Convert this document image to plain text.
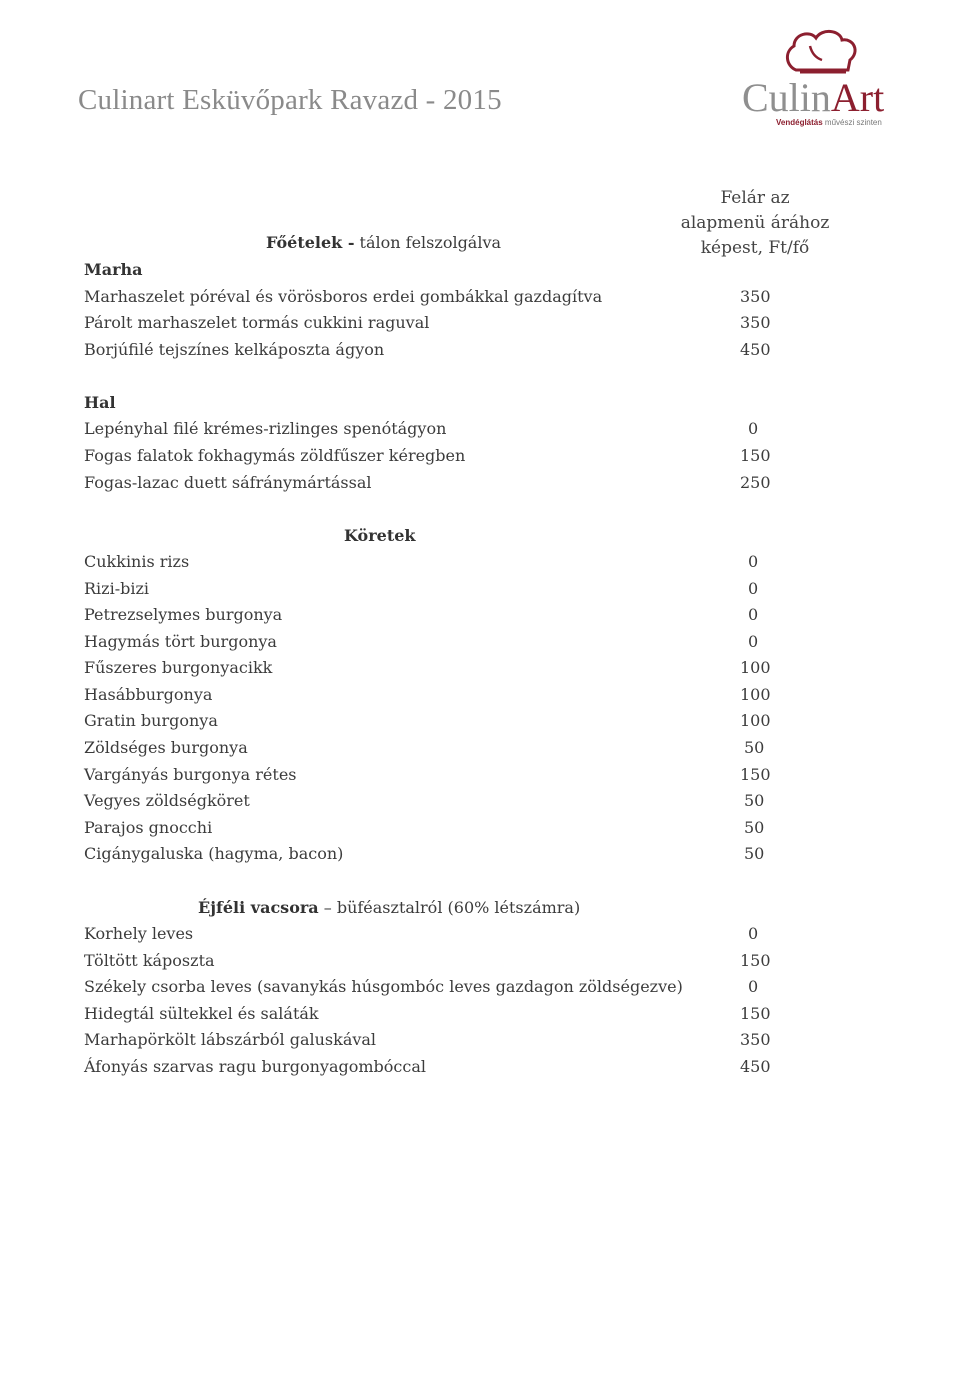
Culinart Esküvőpark Ravazd - 2015	CulinArt
Vendéglátás művészi szinten
Felár az
alapmenü árához
képest, Ft/fő
Főételek - tálon felszolgálva
Marha
Marhaszelet póréval és vörösboros erdei gombákkal gazdagítva	350
Párolt marhaszelet tormás cukkini raguval	350
Borjúfilé tejszínes kelkáposzta ágyon	450
Hal
Lepényhal filé krémes-rizlinges spenótágyon	0
Fogas falatok fokhagymás zöldfűszer kéregben	150
Fogas-lazac duett sáfránymártással	250
Köretek
Cukkinis rizs	0
Rizi-bizi	0
Petrezselymes burgonya	0
Hagymás tört burgonya	0
Fűszeres burgonyacikk	100
Hasábburgonya	100
Gratin burgonya	100
Zöldséges burgonya	50
Vargányás burgonya rétes	150
Vegyes zöldségköret	50
Parajos gnocchi	50
Cigánygaluska (hagyma, bacon)	50
Éjféli vacsora – büféasztalról (60% létszámra)
Korhely leves	0
Töltött káposzta	150
Székely csorba leves (savanykás húsgombóc leves gazdagon zöldségezve)	0
Hidegtál sültekkel és saláták	150
Marhapörkölt lábszárból galuskával	350
Áfonyás szarvas ragu burgonyagombóccal	450
